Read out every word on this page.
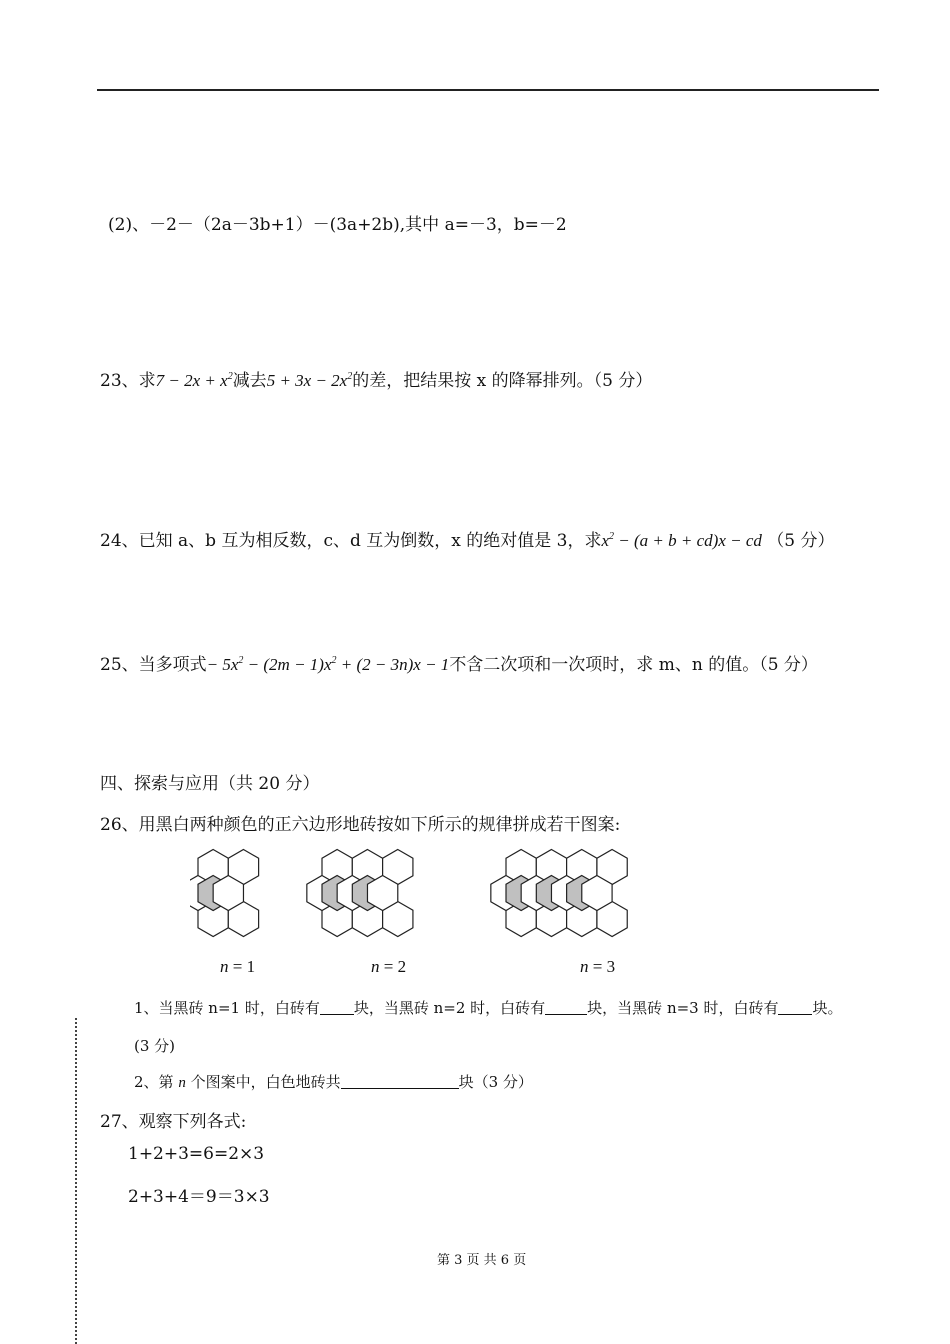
(2)、－2－（2a－3b+1）－(3a+2b),其中 a=－3，b=－2
23、求$7 - 2x + x^2$减去$5 + 3x - 2x^2$的差，把结果按 x 的降幂排列。（5 分）
24、已知 a、b 互为相反数，c、d 互为倒数，x 的绝对值是 3，求$x^2 - (a + b + cd)x$ − cd （5 分）
25、当多项式− $5x^2 - (2m - 1)x^2 + (2 - 3n)x - 1$不含二次项和一次项时，求 m、n 的值。（5 分）
四、探索与应用（共 20 分）
26、用黑白两种颜色的正六边形地砖按如下所示的规律拼成若干图案:
n = 1	n = 2	n = 3
1、当黑砖 n=1 时，白砖有 块，当黑砖 n=2 时，白砖有	块，当黑砖 n=3 时，白砖有 块。
(3 分)
2、第 n 个图案中，白色地砖共	块（3 分）
27、观察下列各式:
1+2+3=6=2×3
2+3+4＝9＝3×3
第 3 页 共 6 页
